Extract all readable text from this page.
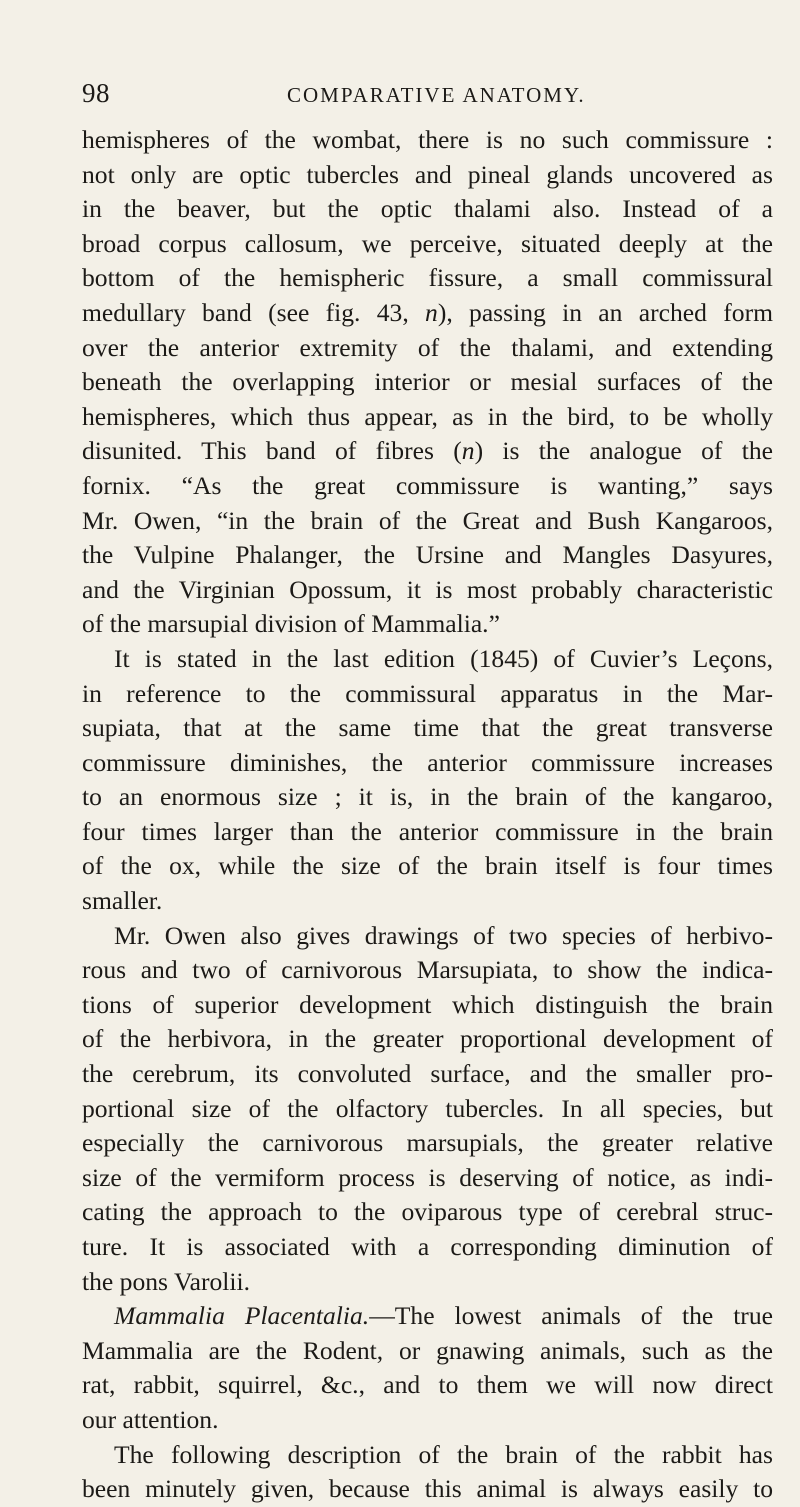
98	COMPARATIVE ANATOMY.
hemispheres of the wombat, there is no such commissure :
not only are optic tubercles and pineal glands uncovered as
in the beaver, but the optic thalami also. Instead of a
broad corpus callosum, we perceive, situated deeply at the
bottom of the hemispheric fissure, a small commissural
medullary band (see fig. 43, n), passing in an arched form
over the anterior extremity of the thalami, and extending
beneath the overlapping interior or mesial surfaces of the
hemispheres, which thus appear, as in the bird, to be wholly
disunited. This band of fibres (n) is the analogue of the
fornix. “As the great commissure is wanting,” says
Mr. Owen, “in the brain of the Great and Bush Kangaroos,
the Vulpine Phalanger, the Ursine and Mangles Dasyures,
and the Virginian Opossum, it is most probably characteristic
of the marsupial division of Mammalia.”
It is stated in the last edition (1845) of Cuvier’s Leçons,
in reference to the commissural apparatus in the Mar-
supiata, that at the same time that the great transverse
commissure diminishes, the anterior commissure increases
to an enormous size ; it is, in the brain of the kangaroo,
four times larger than the anterior commissure in the brain
of the ox, while the size of the brain itself is four times
smaller.
Mr. Owen also gives drawings of two species of herbivo-
rous and two of carnivorous Marsupiata, to show the indica-
tions of superior development which distinguish the brain
of the herbivora, in the greater proportional development of
the cerebrum, its convoluted surface, and the smaller pro-
portional size of the olfactory tubercles. In all species, but
especially the carnivorous marsupials, the greater relative
size of the vermiform process is deserving of notice, as indi-
cating the approach to the oviparous type of cerebral struc-
ture. It is associated with a corresponding diminution of
the pons Varolii.
Mammalia Placentalia.—The lowest animals of the true
Mammalia are the Rodent, or gnawing animals, such as the
rat, rabbit, squirrel, &c., and to them we will now direct
our attention.
The following description of the brain of the rabbit has
been minutely given, because this animal is always easily to
